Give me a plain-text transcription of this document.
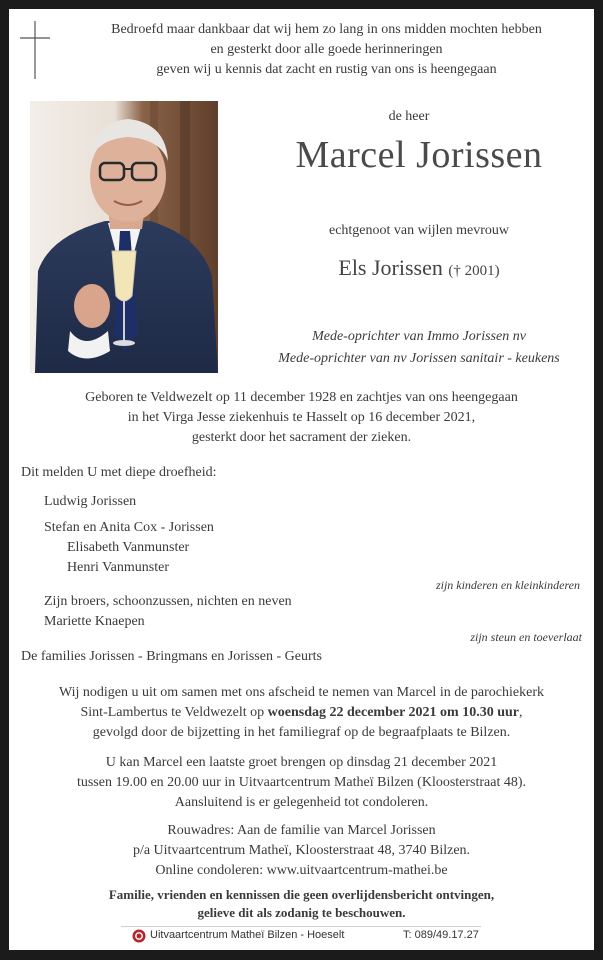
Bedroefd maar dankbaar dat wij hem zo lang in ons midden mochten hebben
en gesterkt door alle goede herinneringen
geven wij u kennis dat zacht en rustig van ons is heengegaan
de heer
Marcel Jorissen
echtgenoot van wijlen mevrouw
Els Jorissen († 2001)
Mede-oprichter van Immo Jorissen nv
Mede-oprichter van nv Jorissen sanitair - keukens
Geboren te Veldwezelt op 11 december 1928 en zachtjes van ons heengegaan
in het Virga Jesse ziekenhuis te Hasselt op 16 december 2021,
gesterkt door het sacrament der zieken.
Dit melden U met diepe droefheid:
Ludwig Jorissen
Stefan en Anita Cox - Jorissen
Elisabeth Vanmunster
Henri Vanmunster
zijn kinderen en kleinkinderen
Zijn broers, schoonzussen, nichten en neven
Mariette Knaepen
zijn steun en toeverlaat
De families Jorissen - Bringmans en Jorissen - Geurts
Wij nodigen u uit om samen met ons afscheid te nemen van Marcel in de parochiekerk
Sint-Lambertus te Veldwezelt op woensdag 22 december 2021 om 10.30 uur,
gevolgd door de bijzetting in het familiegraf op de begraafplaats te Bilzen.
U kan Marcel een laatste groet brengen op dinsdag 21 december 2021
tussen 19.00 en 20.00 uur in Uitvaartcentrum Matheï Bilzen (Kloosterstraat 48).
Aansluitend is er gelegenheid tot condoleren.
Rouwadres: Aan de familie van Marcel Jorissen
p/a Uitvaartcentrum Matheï, Kloosterstraat 48, 3740 Bilzen.
Online condoleren: www.uitvaartcentrum-mathei.be
Familie, vrienden en kennissen die geen overlijdensbericht ontvingen,
gelieve dit als zodanig te beschouwen.
Uitvaartcentrum Matheï Bilzen - Hoeselt	T: 089/49.17.27
